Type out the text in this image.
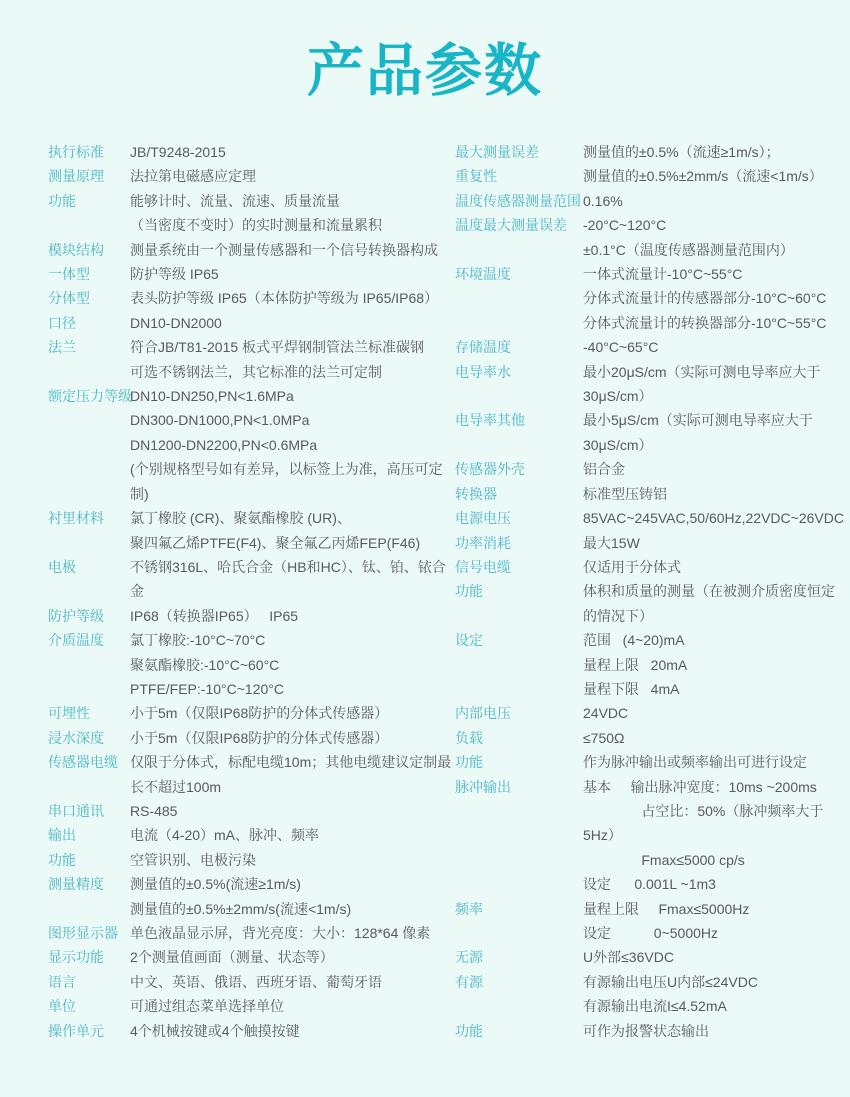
产品参数
执行标准	JB/T9248-2015
测量原理	法拉第电磁感应定理
功能	能够计时、流量、流速、质量流量
（当密度不变时）的实时测量和流量累积
模块结构	测量系统由一个测量传感器和一个信号转换器构成
一体型	防护等级 IP65
分体型	表头防护等级 IP65（本体防护等级为 IP65/IP68）
口径	DN10-DN2000
法兰	符合JB/T81-2015 板式平焊钢制管法兰标准碳钢
可选不锈钢法兰，其它标准的法兰可定制
额定压力等级
DN10-DN250,PN<1.6MPa
DN300-DN1000,PN<1.0MPa
DN1200-DN2200,PN<0.6MPa
(个别规格型号如有差异，以标签上为准，高压可定制)
衬里材料	氯丁橡胶 (CR)、聚氨酯橡胶 (UR)、
聚四氟乙烯PTFE(F4)、聚全氟乙丙烯FEP(F46)
电极	不锈钢316L、哈氏合金（HB和HC）、钛、铂、铱合金
防护等级	IP68（转换器IP65）   IP65
介质温度	氯丁橡胶:-10°C~70°C
聚氨酯橡胶:-10°C~60°C
PTFE/FEP:-10°C~120°C
可埋性	小于5m（仅限IP68防护的分体式传感器）
浸水深度	小于5m（仅限IP68防护的分体式传感器）
传感器电缆 仅限于分体式，标配电缆10m；其他电缆建议定制最
长不超过100m
串口通讯	RS-485
输出	电流（4-20）mA、脉冲、频率
功能	空管识别、电极污染
测量精度	测量值的±0.5%(流速≥1m/s)
测量值的±0.5%±2mm/s(流速<1m/s)
图形显示器 单色液晶显示屏，背光亮度：大小：128*64 像素
显示功能	2个测量值画面（测量、状态等）
语言	中文、英语、俄语、西班牙语、葡萄牙语
单位	可通过组态菜单选择单位
操作单元	4个机械按键或4个触摸按键
最大测量误差	测量值的±0.5%（流速≥1m/s）；
重复性	测量值的±0.5%±2mm/s（流速<1m/s）
温度传感器测量范围 0.16%
温度最大测量误差	-20°C~120°C
±0.1°C（温度传感器测量范围内）
环境温度	一体式流量计-10°C~55°C
分体式流量计的传感器部分-10°C~60°C
分体式流量计的转换器部分-10°C~55°C
存储温度	-40°C~65°C
电导率水	最小20μS/cm（实际可测电导率应大于
30μS/cm）
电导率其他	最小5μS/cm（实际可测电导率应大于
30μS/cm）
传感器外壳	铝合金
转换器	标准型压铸铝
电源电压	85VAC~245VAC,50/60Hz,22VDC~26VDC
功率消耗	最大15W
信号电缆	仅适用于分体式
功能	体积和质量的测量（在被测介质密度恒定
的情况下）
设定	范围   (4~20)mA
量程上限   20mA
量程下限   4mA
内部电压	24VDC
负载	≤750Ω
功能	作为脉冲输出或频率输出可进行设定
脉冲输出	基本     输出脉冲宽度：10ms ~200ms
占空比：50%（脉冲频率大于5Hz）
Fmax≤5000 cp/s
设定      0.001L ~1m3
频率	量程上限     Fmax≤5000Hz
设定           0~5000Hz
无源	U外部≤36VDC
有源	有源输出电压U内部≤24VDC
有源输出电流I≤4.52mA
功能	可作为报警状态输出
